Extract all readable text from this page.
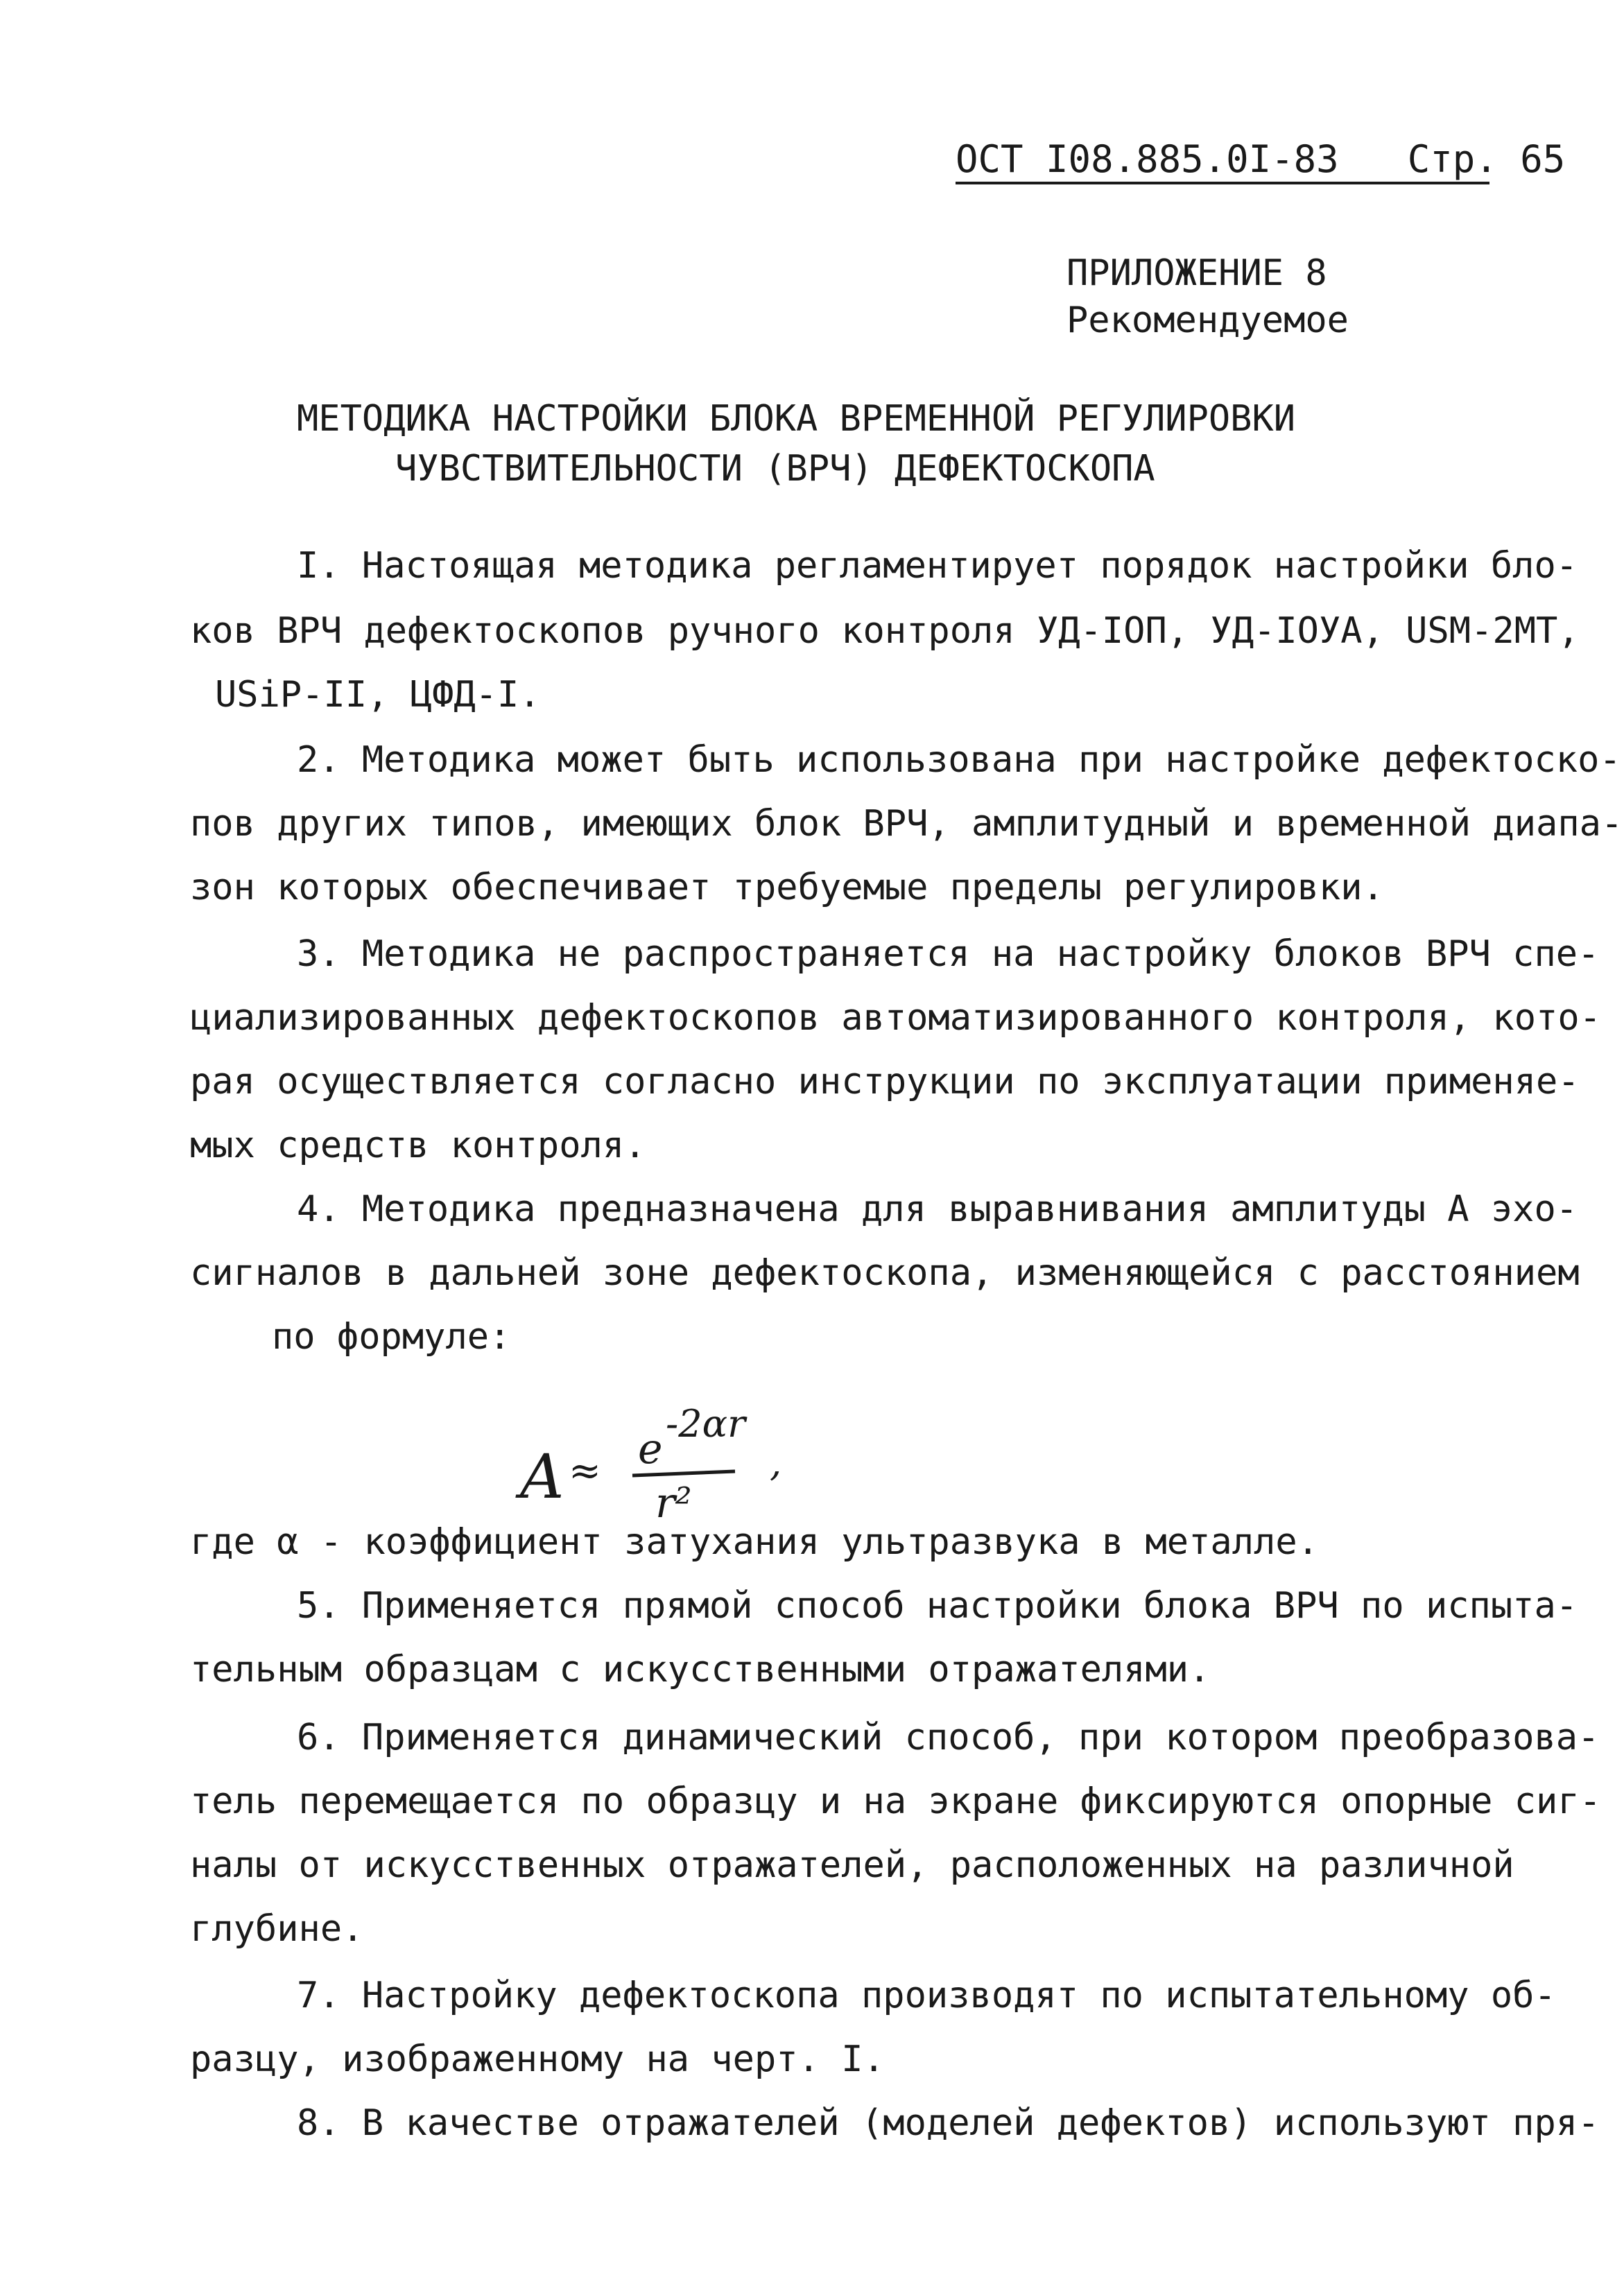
ОСТ I08.885.0I-83 Стр. 65
ПРИЛОЖЕНИЕ 8
Рекомендуемое
МЕТОДИКА НАСТРОЙКИ БЛОКА ВРЕМЕННОЙ РЕГУЛИРОВКИ
ЧУВСТВИТЕЛЬНОСТИ (ВРЧ) ДЕФЕКТОСКОПА
I. Настоящая методика регламентирует порядок настройки бло-
ков ВРЧ дефектоскопов ручного контроля УД-IОП, УД-IОУА, USM-2МТ,
USiP-II, ЦФД-I.
2. Методика может быть использована при настройке дефектоско-
пов других типов, имеющих блок ВРЧ, амплитудный и временной диапа-
зон которых обеспечивает требуемые пределы регулировки.
3. Методика не распространяется на настройку блоков ВРЧ спе-
циализированных дефектоскопов автоматизированного контроля, кото-
рая осуществляется согласно инструкции по эксплуатации применяе-
мых средств контроля.
4. Методика предназначена для выравнивания амплитуды А эхо-
сигналов в дальней зоне дефектоскопа, изменяющейся с расстоянием
по формуле:
A ≈ e
-2αr
r²
,
где α - коэффициент затухания ультразвука в металле.
5. Применяется прямой способ настройки блока ВРЧ по испыта-
тельным образцам с искусственными отражателями.
6. Применяется динамический способ, при котором преобразова-
тель перемещается по образцу и на экране фиксируются опорные сиг-
налы от искусственных отражателей, расположенных на различной
глубине.
7. Настройку дефектоскопа производят по испытательному об-
разцу, изображенному на черт. I.
8. В качестве отражателей (моделей дефектов) используют пря-
